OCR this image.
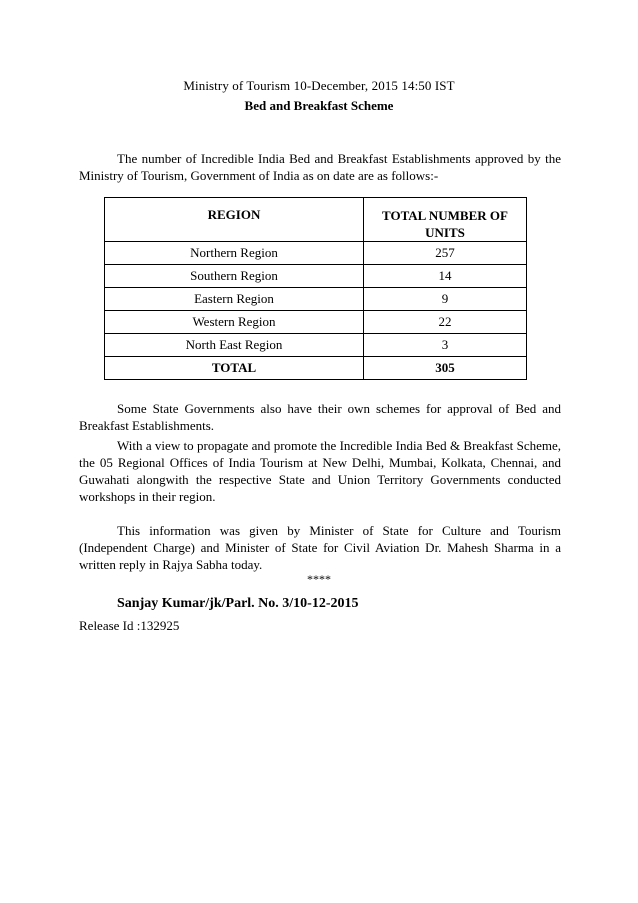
Ministry of Tourism 10-December, 2015 14:50 IST
Bed and Breakfast Scheme
The number of Incredible India Bed and Breakfast Establishments approved by the Ministry of Tourism, Government of India as on date are as follows:-
REGION	TOTAL NUMBER OF UNITS
Northern Region	257
Southern Region	14
Eastern Region	9
Western Region	22
North East Region	3
TOTAL	305
Some State Governments also have their own schemes for approval of Bed and Breakfast Establishments.
With a view to propagate and promote the Incredible India Bed & Breakfast Scheme, the 05 Regional Offices of India Tourism at New Delhi, Mumbai, Kolkata, Chennai, and Guwahati alongwith the respective State and Union Territory Governments conducted workshops in their region.
This information was given by Minister of State for Culture and Tourism (Independent Charge) and Minister of State for Civil Aviation Dr. Mahesh Sharma in a written reply in Rajya Sabha today.
****
Sanjay Kumar/jk/Parl. No. 3/10-12-2015
Release Id :132925
